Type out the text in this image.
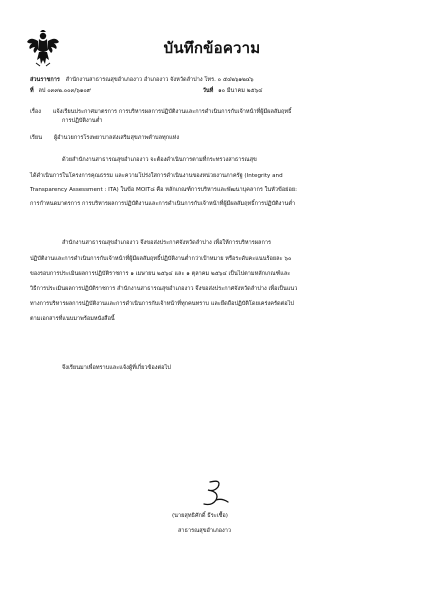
บันทึกข้อความ
ส่วนราชการ สำนักงานสาธารณสุขอำเภองาว อำเภองาว จังหวัดลำปาง โทร. ๐ ๕๔๒๖๑๒๔๖
ที่ ลป ๐๓๓๒.๐๐๓/๖๑๐๙	วันที่ ๑๐ มีนาคม ๒๕๖๔
เรื่อง แจ้งเรียนประกาศมาตรการ การบริหารผลการปฏิบัติงานและการดำเนินการกับเจ้าหน้าที่ผู้มีผลสัมฤทธิ์
การปฏิบัติงานต่ำ
เรียน ผู้อำนวยการโรงพยาบาลส่งเสริมสุขภาพตำบลทุกแห่ง
ด้วยสำนักงานสาธารณสุขอำเภองาว จะต้องดำเนินการตามที่กระทรวงสาธารณสุข
ได้ดำเนินการในโครงการคุณธรรม และความโปร่งใสการดำเนินงานของหน่วยงานภาครัฐ (Integrity and
Transparency Assessment : ITA) ในข้อ MOIT๘ คือ หลักเกณฑ์การบริหารและพัฒนาบุคลากร ในหัวข้อย่อย:
การกำหนดมาตรการ การบริหารผลการปฏิบัติงานและการดำเนินการกับเจ้าหน้าที่ผู้มีผลสัมฤทธิ์การปฏิบัติงานต่ำ
สำนักงานสาธารณสุขอำเภองาว จึงขอส่งประกาศจังหวัดลำปาง เพื่อให้การบริหารผลการ
ปฏิบัติงานและการดำเนินการกับเจ้าหน้าที่ผู้มีผลสัมฤทธิ์ปฏิบัติงานต่ำกว่าเป้าหมาย หรือระดับคะแนนร้อยละ ๖๐
ของรอบการประเมินผลการปฏิบัติราชการ ๑ เมษายน ๒๕๖๔ และ ๑ ตุลาคม ๒๕๖๔ เป็นไปตามหลักเกณฑ์และ
วิธีการประเมินผลการปฏิบัติราชการ สำนักงานสาธารณสุขอำเภองาว จึงขอส่งประกาศจังหวัดลำปาง เพื่อเป็นแนว
ทางการบริหารผลการปฏิบัติงานและการดำเนินการกับเจ้าหน้าที่ทุกคนทราบ และยึดถือปฏิบัติโดยเคร่งครัดต่อไป
ตามเอกสารที่แนบมาพร้อมหนังสือนี้
จึงเรียนมาเพื่อทราบและแจ้งผู้ที่เกี่ยวข้องต่อไป
(นายสุทธิศักดิ์ ธีระเชื้อ)
สาธารณสุขอำเภองาว
